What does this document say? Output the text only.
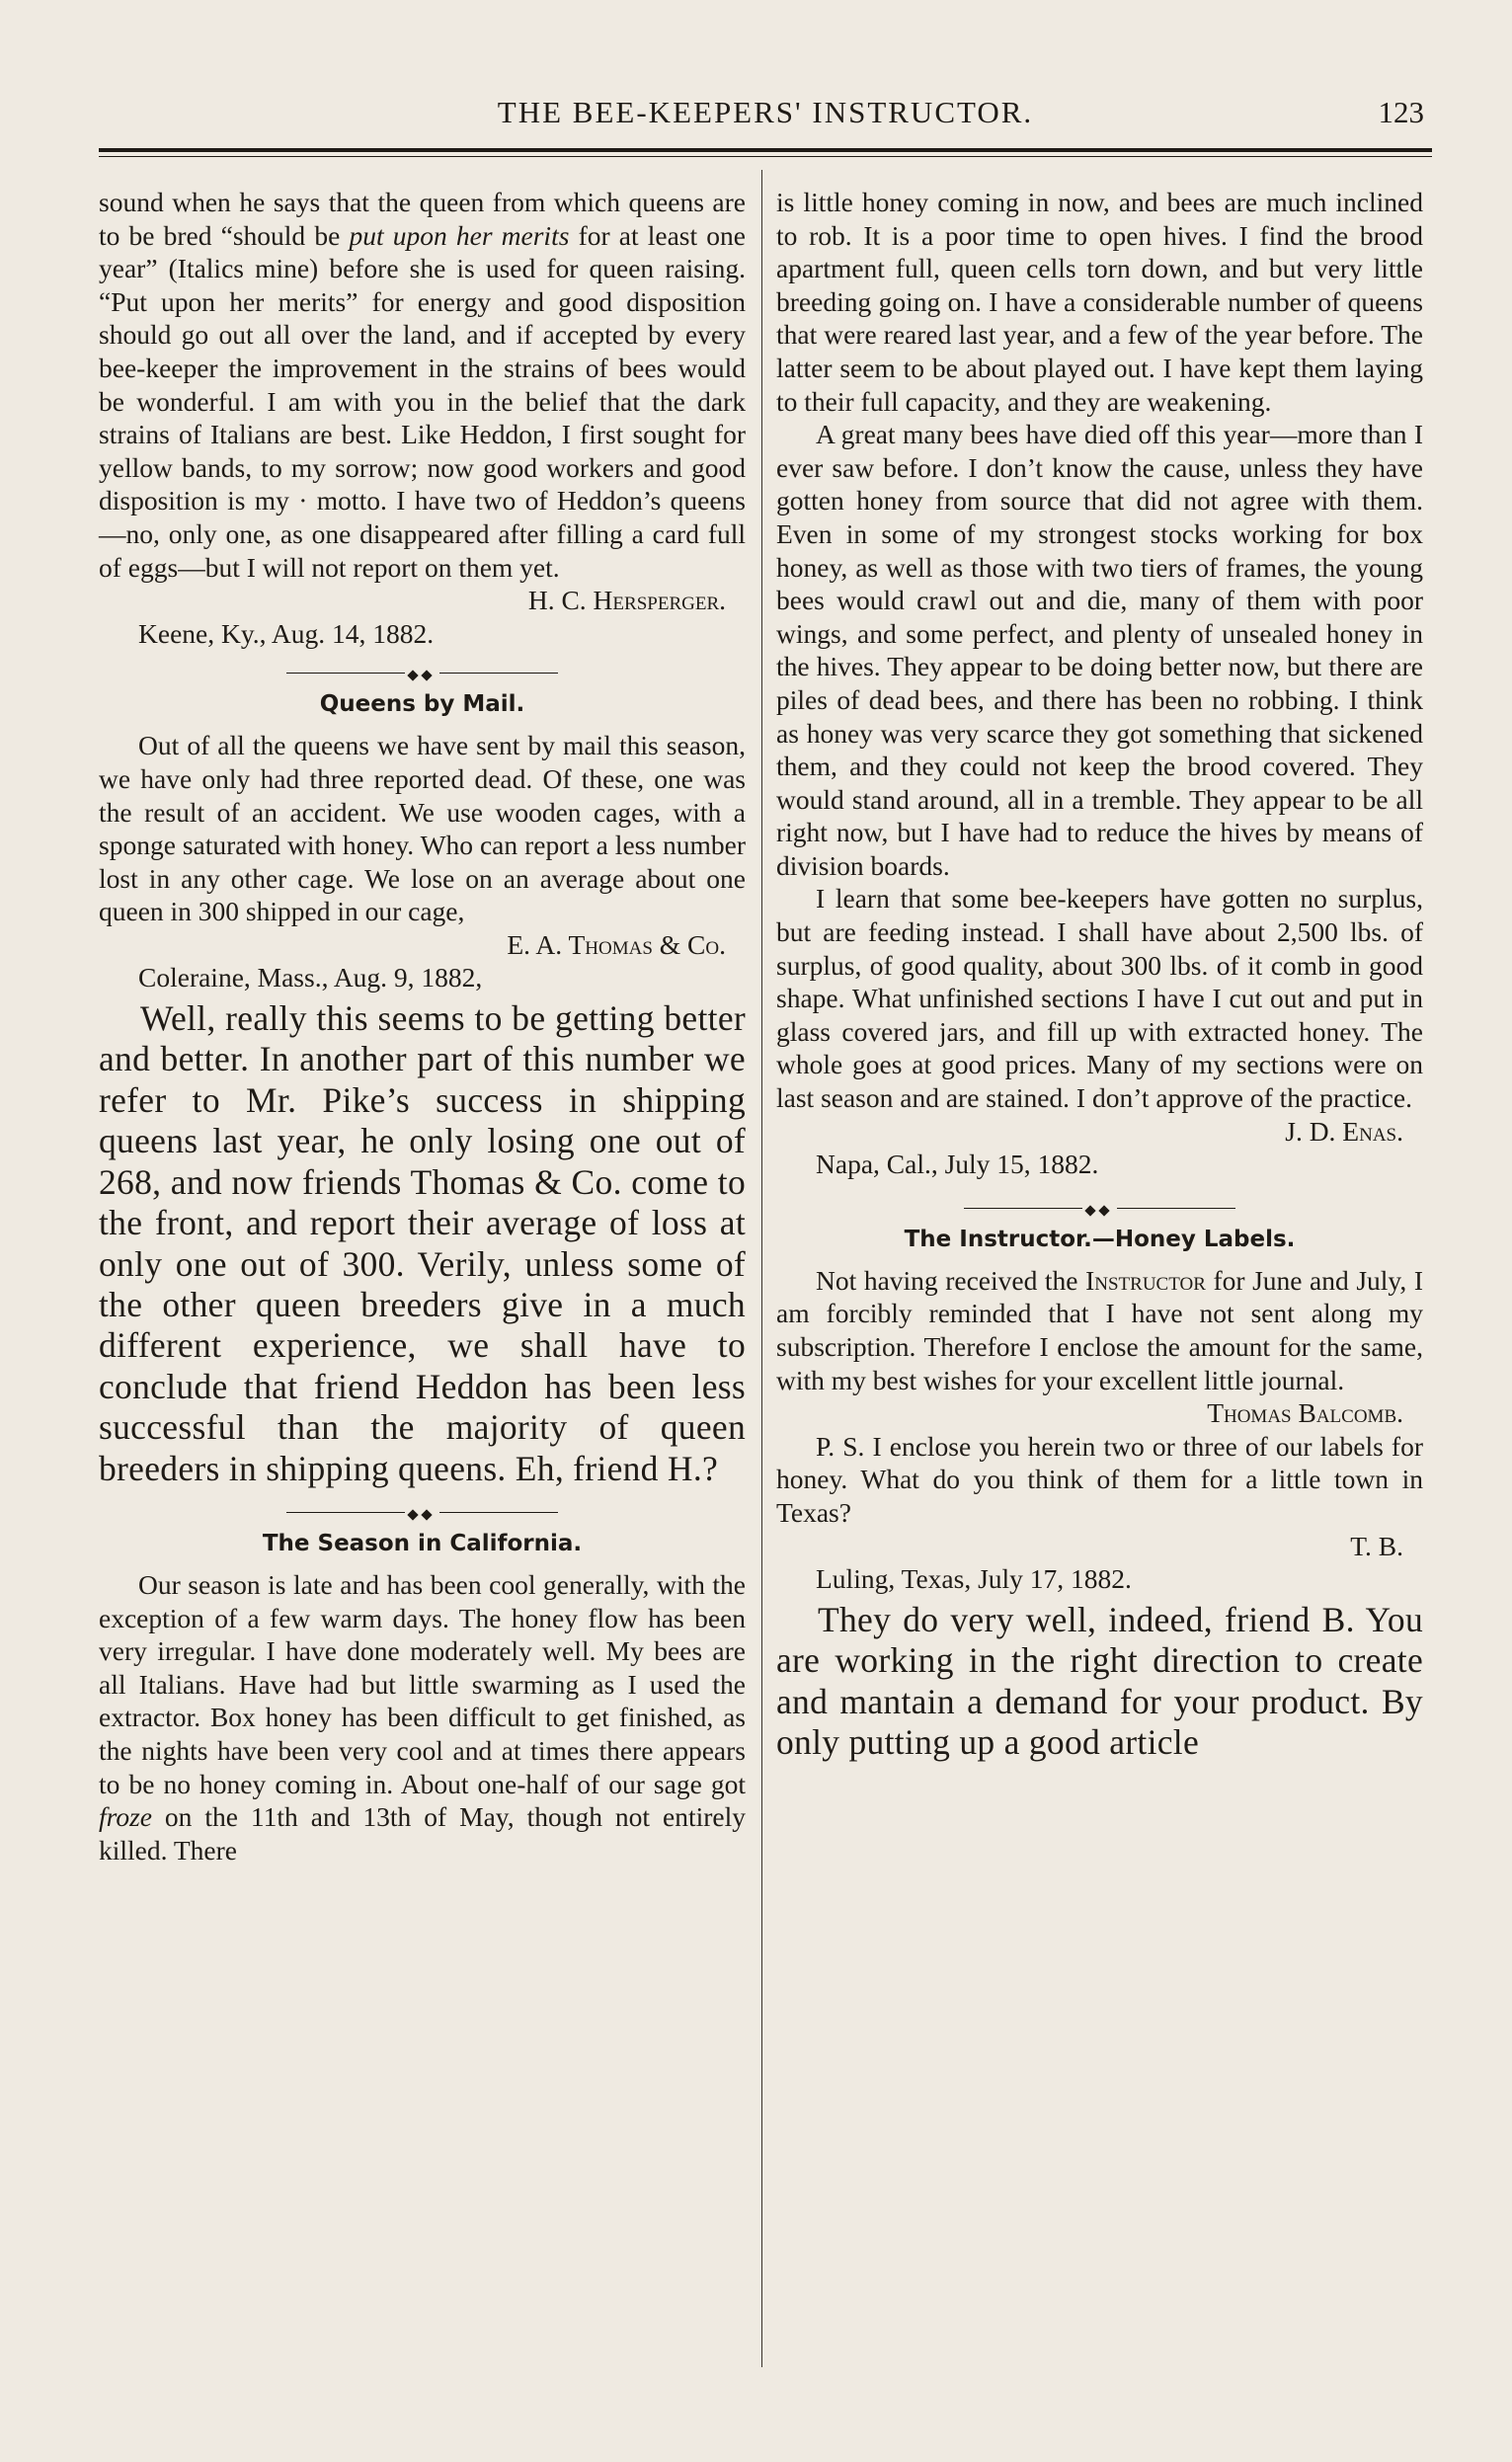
THE BEE-KEEPERS' INSTRUCTOR.	123

sound when he says that the queen from which queens are to be bred “should be put upon her merits for at least one year” (Italics mine) before she is used for queen raising. “Put upon her merits” for energy and good disposition should go out all over the land, and if accepted by every bee-keeper the improvement in the strains of bees would be wonderful. I am with you in the belief that the dark strains of Italians are best. Like Heddon, I first sought for yellow bands, to my sorrow; now good workers and good disposition is my · motto. I have two of Heddon’s queens—no, only one, as one disappeared after filling a card full of eggs—but I will not report on them yet.

H. C. Hersperger.

Keene, Ky., Aug. 14, 1882.

Queens by Mail.

Out of all the queens we have sent by mail this season, we have only had three reported dead. Of these, one was the result of an accident. We use wooden cages, with a sponge saturated with honey. Who can report a less number lost in any other cage. We lose on an average about one queen in 300 shipped in our cage,

E. A. Thomas & Co.

Coleraine, Mass., Aug. 9, 1882,

Well, really this seems to be getting better and better. In another part of this number we refer to Mr. Pike’s success in shipping queens last year, he only losing one out of 268, and now friends Thomas & Co. come to the front, and report their average of loss at only one out of 300. Verily, unless some of the other queen breeders give in a much different experience, we shall have to conclude that friend Heddon has been less successful than the majority of queen breeders in shipping queens. Eh, friend H.?

The Season in California.

Our season is late and has been cool generally, with the exception of a few warm days. The honey flow has been very irregular. I have done moderately well. My bees are all Italians. Have had but little swarming as I used the extractor. Box honey has been difficult to get finished, as the nights have been very cool and at times there appears to be no honey coming in. About one-half of our sage got froze on the 11th and 13th of May, though not entirely killed. There

is little honey coming in now, and bees are much inclined to rob. It is a poor time to open hives. I find the brood apartment full, queen cells torn down, and but very little breeding going on. I have a considerable number of queens that were reared last year, and a few of the year before. The latter seem to be about played out. I have kept them laying to their full capacity, and they are weakening.

A great many bees have died off this year—more than I ever saw before. I don’t know the cause, unless they have gotten honey from source that did not agree with them. Even in some of my strongest stocks working for box honey, as well as those with two tiers of frames, the young bees would crawl out and die, many of them with poor wings, and some perfect, and plenty of unsealed honey in the hives. They appear to be doing better now, but there are piles of dead bees, and there has been no robbing. I think as honey was very scarce they got something that sickened them, and they could not keep the brood covered. They would stand around, all in a tremble. They appear to be all right now, but I have had to reduce the hives by means of division boards.

I learn that some bee-keepers have gotten no surplus, but are feeding instead. I shall have about 2,500 lbs. of surplus, of good quality, about 300 lbs. of it comb in good shape. What unfinished sections I have I cut out and put in glass covered jars, and fill up with extracted honey. The whole goes at good prices. Many of my sections were on last season and are stained. I don’t approve of the practice.

J. D. Enas.

Napa, Cal., July 15, 1882.

The Instructor.—Honey Labels.

Not having received the Instructor for June and July, I am forcibly reminded that I have not sent along my subscription. Therefore I enclose the amount for the same, with my best wishes for your excellent little journal.

Thomas Balcomb.

P. S. I enclose you herein two or three of our labels for honey. What do you think of them for a little town in Texas?

T. B.

Luling, Texas, July 17, 1882.

They do very well, indeed, friend B. You are working in the right direction to create and mantain a demand for your product. By only putting up a good article
